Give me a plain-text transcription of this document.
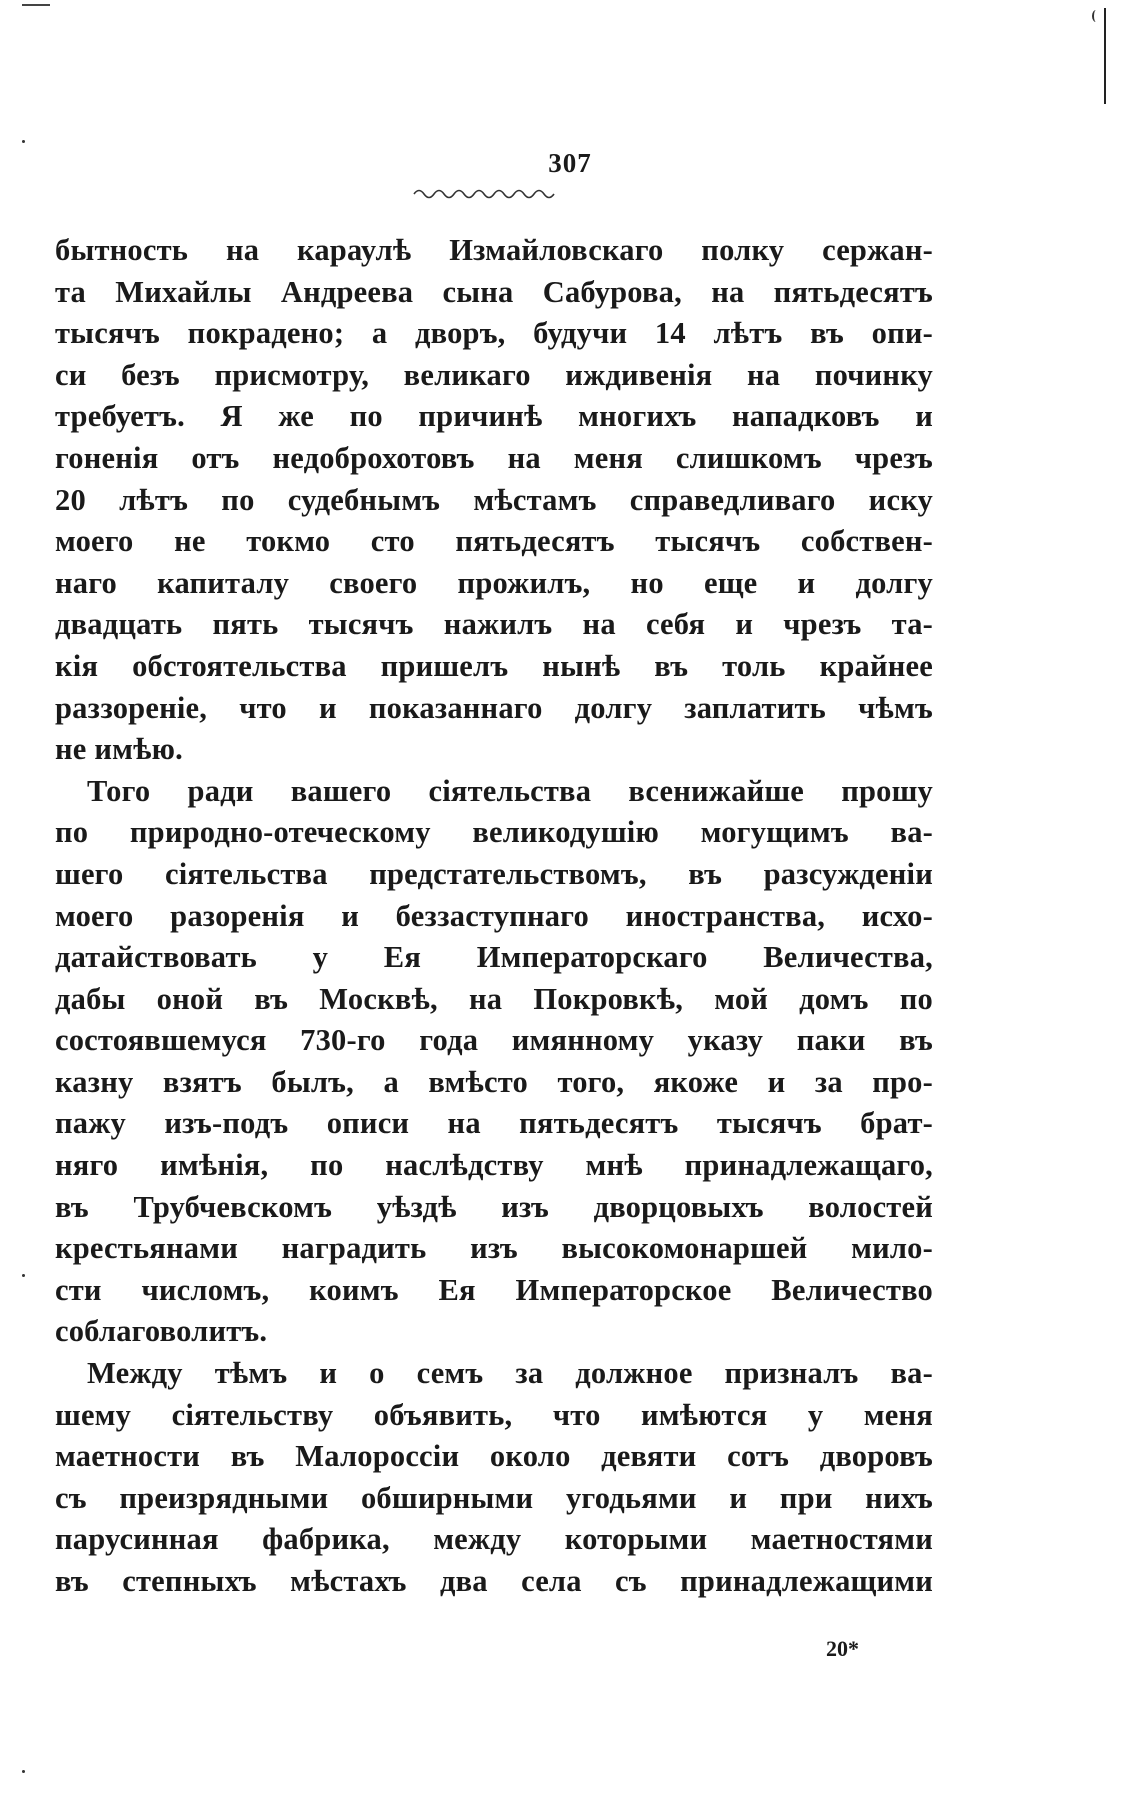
307
бытность на караулѣ Измайловскаго полку сержан-
та Михайлы Андреева сына Сабурова, на пятьдесятъ
тысячъ покрадено; а дворъ, будучи 14 лѣтъ въ опи-
си безъ присмотру, великаго иждивенія на починку
требуетъ. Я же по причинѣ многихъ нападковъ и
гоненія отъ недоброхотовъ на меня слишкомъ чрезъ
20 лѣтъ по судебнымъ мѣстамъ справедливаго иску
моего не токмо сто пятьдесятъ тысячъ собствен-
наго капиталу своего прожилъ, но еще и долгу
двадцать пять тысячъ нажилъ на себя и чрезъ та-
кія обстоятельства пришелъ нынѣ въ толь крайнее
раззореніе, что и показаннаго долгу заплатить чѣмъ
не имѣю.
Того ради вашего сіятельства всенижайше прошу
по природно-отеческому великодушію могущимъ ва-
шего сіятельства предстательствомъ, въ разсужденіи
моего разоренія и беззаступнаго иностранства, исхо-
датайствовать у Ея Императорскаго Величества,
дабы оной въ Москвѣ, на Покровкѣ, мой домъ по
состоявшемуся 730-го года имянному указу паки въ
казну взятъ былъ, а вмѣсто того, якоже и за про-
пажу изъ-подъ описи на пятьдесятъ тысячъ брат-
няго имѣнія, по наслѣдству мнѣ принадлежащаго,
въ Трубчевскомъ уѣздѣ изъ дворцовыхъ волостей
крестьянами наградить изъ высокомонаршей мило-
сти числомъ, коимъ Ея Императорское Величество
соблаговолитъ.
Между тѣмъ и о семъ за должное призналъ ва-
шему сіятельству объявить, что имѣются у меня
маетности въ Малороссіи около девяти сотъ дворовъ
съ преизрядными обширными угодьями и при нихъ
парусинная фабрика, между которыми маетностями
въ степныхъ мѣстахъ два села съ принадлежащими
20*
